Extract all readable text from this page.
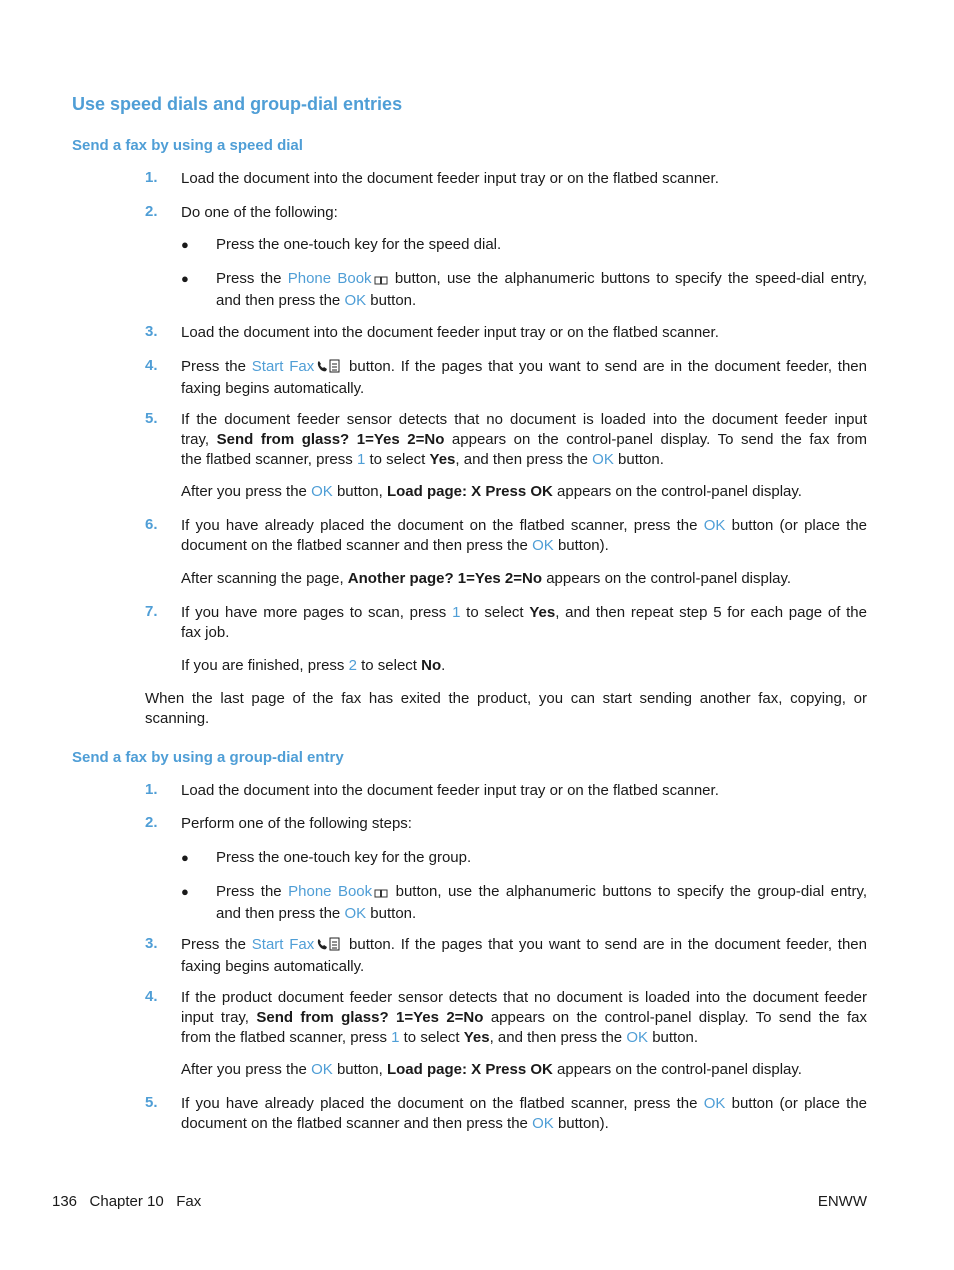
Use speed dials and group-dial entries
Send a fax by using a speed dial
1. Load the document into the document feeder input tray or on the flatbed scanner.
2. Do one of the following:
● Press the one-touch key for the speed dial.
● Press the Phone Book button, use the alphanumeric buttons to specify the speed-dial entry,
and then press the OK button.
3. Load the document into the document feeder input tray or on the flatbed scanner.
4. Press the Start Fax button. If the pages that you want to send are in the document feeder, then
faxing begins automatically.
5. If the document feeder sensor detects that no document is loaded into the document feeder input
tray, Send from glass? 1=Yes 2=No appears on the control-panel display. To send the fax from
the flatbed scanner, press 1 to select Yes, and then press the OK button.
After you press the OK button, Load page: X Press OK appears on the control-panel display.
6. If you have already placed the document on the flatbed scanner, press the OK button (or place the
document on the flatbed scanner and then press the OK button).
After scanning the page, Another page? 1=Yes 2=No appears on the control-panel display.
7. If you have more pages to scan, press 1 to select Yes, and then repeat step 5 for each page of the
fax job.
If you are finished, press 2 to select No.
When the last page of the fax has exited the product, you can start sending another fax, copying, or
scanning.
Send a fax by using a group-dial entry
1. Load the document into the document feeder input tray or on the flatbed scanner.
2. Perform one of the following steps:
● Press the one-touch key for the group.
● Press the Phone Book button, use the alphanumeric buttons to specify the group-dial entry,
and then press the OK button.
3. Press the Start Fax button. If the pages that you want to send are in the document feeder, then
faxing begins automatically.
4. If the product document feeder sensor detects that no document is loaded into the document feeder
input tray, Send from glass? 1=Yes 2=No appears on the control-panel display. To send the fax
from the flatbed scanner, press 1 to select Yes, and then press the OK button.
After you press the OK button, Load page: X Press OK appears on the control-panel display.
5. If you have already placed the document on the flatbed scanner, press the OK button (or place the
document on the flatbed scanner and then press the OK button).
136   Chapter 10   Fax	ENWW
